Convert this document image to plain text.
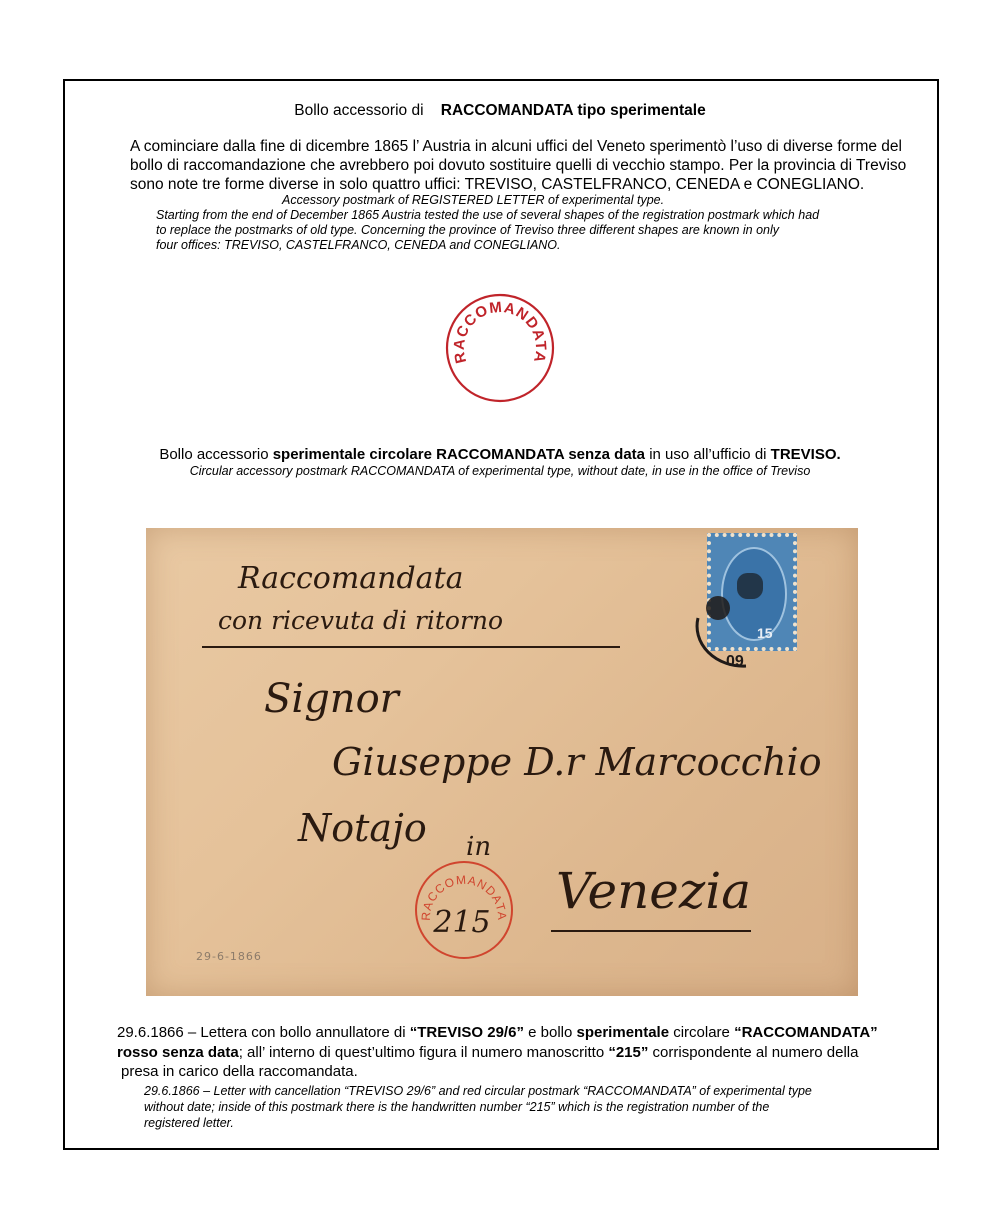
Bollo accessorio di RACCOMANDATA tipo sperimentale
A cominciare dalla fine di dicembre 1865 l’ Austria in alcuni uffici del Veneto sperimentò l’uso di diverse forme del
bollo di raccomandazione che avrebbero poi dovuto sostituire quelli di vecchio stampo. Per la provincia di Treviso
sono note tre forme diverse in solo quattro uffici: TREVISO, CASTELFRANCO, CENEDA e CONEGLIANO.
Accessory postmark of REGISTERED LETTER of experimental type.
Starting from the end of December 1865 Austria tested the use of several shapes of the registration postmark which had
to replace the postmarks of old type. Concerning the province of Treviso three different shapes are known in only
four offices: TREVISO, CASTELFRANCO, CENEDA and CONEGLIANO.
RACCOMANDATA
Bollo accessorio sperimentale circolare RACCOMANDATA senza data in uso all’ufficio di TREVISO.
Circular accessory postmark RACCOMANDATA of experimental type, without date, in use in the office of Treviso
Raccomandata
con ricevuta di ritorno
Signor
Giuseppe D.r Marcocchio
Notajo in
Venezia
RACCOMANDATA
215
15
09
29-6-1866
29.6.1866 – Lettera con bollo annullatore di “TREVISO 29/6” e bollo sperimentale circolare “RACCOMANDATA”
rosso senza data; all’ interno di quest’ultimo figura il numero manoscritto “215” corrispondente al numero della
presa in carico della raccomandata.
29.6.1866 – Letter with cancellation “TREVISO 29/6” and red circular postmark “RACCOMANDATA” of experimental type
without date; inside of this postmark there is the handwritten number “215” which is the registration number of the
registered letter.
